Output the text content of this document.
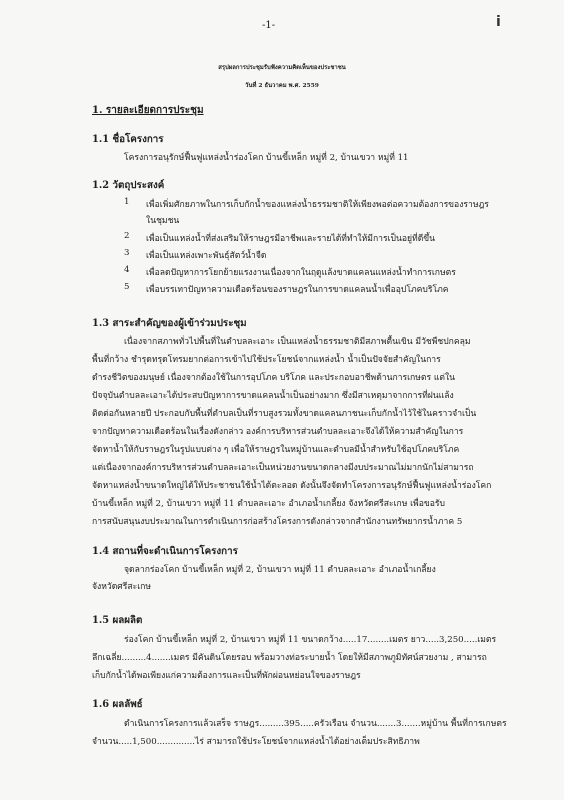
-1-	ⅰ
สรุปผลการประชุมรับฟังความคิดเห็นของประชาชน
วันที่ 2 ธันวาคม พ.ศ. 2559
1. รายละเอียดการประชุม
1.1 ชื่อโครงการ
โครงการอนุรักษ์ฟื้นฟูแหล่งน้ำร่องโคก บ้านขี้เหล็ก หมู่ที่ 2, บ้านเขวา หมู่ที่ 11
1.2 วัตถุประสงค์
1 เพื่อเพิ่มศักยภาพในการเก็บกักน้ำของแหล่งน้ำธรรมชาติให้เพียงพอต่อความต้องการของราษฎร
ในชุมชน
2 เพื่อเป็นแหล่งน้ำที่ส่งเสริมให้ราษฎรมีอาชีพและรายได้ที่ทำให้มีการเป็นอยู่ที่ดีขึ้น
3 เพื่อเป็นแหล่งเพาะพันธุ์สัตว์น้ำจืด
4 เพื่อลดปัญหาการโยกย้ายแรงงานเนื่องจากในฤดูแล้งขาดแคลนแหล่งน้ำทำการเกษตร
5 เพื่อบรรเทาปัญหาความเดือดร้อนของราษฎรในการขาดแคลนน้ำเพื่ออุปโภคบริโภค
1.3 สาระสำคัญของผู้เข้าร่วมประชุม
เนื่องจากสภาพทั่วไปพื้นที่ในตำบลละเอาะ เป็นแหล่งน้ำธรรมชาติมีสภาพตื้นเขิน มีวัชพืชปกคลุม
พื้นที่กว้าง ชำรุดทรุดโทรมยากต่อการเข้าไปใช้ประโยชน์จากแหล่งน้ำ น้ำเป็นปัจจัยสำคัญในการ
ดำรงชีวิตของมนุษย์ เนื่องจากต้องใช้ในการอุปโภค บริโภค และประกอบอาชีพด้านการเกษตร แต่ใน
ปัจจุบันตำบลละเอาะได้ประสบปัญหาการขาดแคลนน้ำเป็นอย่างมาก ซึ่งมีสาเหตุมาจากการที่ฝนแล้ง
ติดต่อกันหลายปี ประกอบกับพื้นที่ตำบลเป็นที่ราบสูงรวมทั้งขาดแคลนภาชนะเก็บกักน้ำไว้ใช้ในคราวจำเป็น
จากปัญหาความเดือดร้อนในเรื่องดังกล่าว องค์การบริหารส่วนตำบลละเอาะจึงได้ให้ความสำคัญในการ
จัดหาน้ำให้กับราษฎรในรูปแบบต่าง ๆ เพื่อให้ราษฎรในหมู่บ้านและตำบลมีน้ำสำหรับใช้อุปโภคบริโภค
แต่เนื่องจากองค์การบริหารส่วนตำบลละเอาะเป็นหน่วยงานขนาดกลางมีงบประมาณไม่มากนักไม่สามารถ
จัดหาแหล่งน้ำขนาดใหญ่ได้ให้ประชาชนใช้น้ำได้ตะลอด ดังนั้นจึงจัดทำโครงการอนุรักษ์ฟื้นฟูแหล่งน้ำร่องโคก
บ้านขี้เหล็ก หมู่ที่ 2, บ้านเขวา หมู่ที่ 11 ตำบลละเอาะ อำเภอน้ำเกลี้ยง จังหวัดศรีสะเกษ เพื่อขอรับ
การสนับสนุนงบประมาณในการดำเนินการก่อสร้างโครงการดังกล่าวจากสำนักงานทรัพยากรน้ำภาค 5
1.4 สถานที่จะดำเนินการโครงการ
จุดลากร่องโคก บ้านขี้เหล็ก หมู่ที่ 2, บ้านเขวา หมู่ที่ 11 ตำบลละเอาะ อำเภอน้ำเกลี้ยง
จังหวัดศรีสะเกษ
1.5 ผลผลิต
ร่องโคก บ้านขี้เหล็ก หมู่ที่ 2, บ้านเขวา หมู่ที่ 11 ขนาดกว้าง.....17........เมตร ยาว.....3,250.....เมตร
ลึกเฉลี่ย.........4.......เมตร มีคันดินโดยรอบ พร้อมวางท่อระบายน้ำ โดยให้มีสภาพภูมิทัศน์สวยงาม , สามารถ
เก็บกักน้ำได้พอเพียงแก่ความต้องการและเป็นที่พักผ่อนหย่อนใจของราษฎร
1.6 ผลลัพธ์
ดำเนินการโครงการแล้วเสร็จ ราษฎร.........395.....ครัวเรือน จำนวน.......3.......หมู่บ้าน พื้นที่การเกษตร
จำนวน.....1,500..............ไร่ สามารถใช้ประโยชน์จากแหล่งน้ำได้อย่างเต็มประสิทธิภาพ
